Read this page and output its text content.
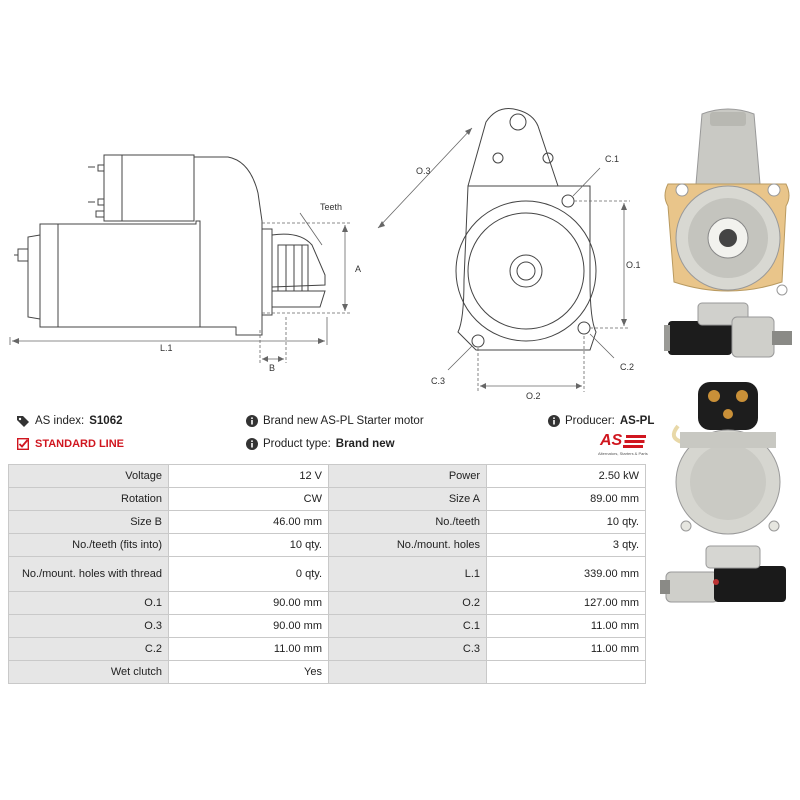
Teeth
A
L.1
B
O.3
C.1
O.1
C.3
C.2
O.2
AS index: S1062
STANDARD LINE
Brand new AS-PL Starter motor
Product type: Brand new
Producer: AS-PL
AS
Alternators, Starters & Parts
Voltage	12 V	Power	2.50 kW
Rotation	CW	Size A	89.00 mm
Size B	46.00 mm	No./teeth	10 qty.
No./teeth (fits into)	10 qty.	No./mount. holes	3 qty.
No./mount. holes with thread	0 qty.	L.1	339.00 mm
O.1	90.00 mm	O.2	127.00 mm
O.3	90.00 mm	C.1	11.00 mm
C.2	11.00 mm	C.3	11.00 mm
Wet clutch	Yes		
